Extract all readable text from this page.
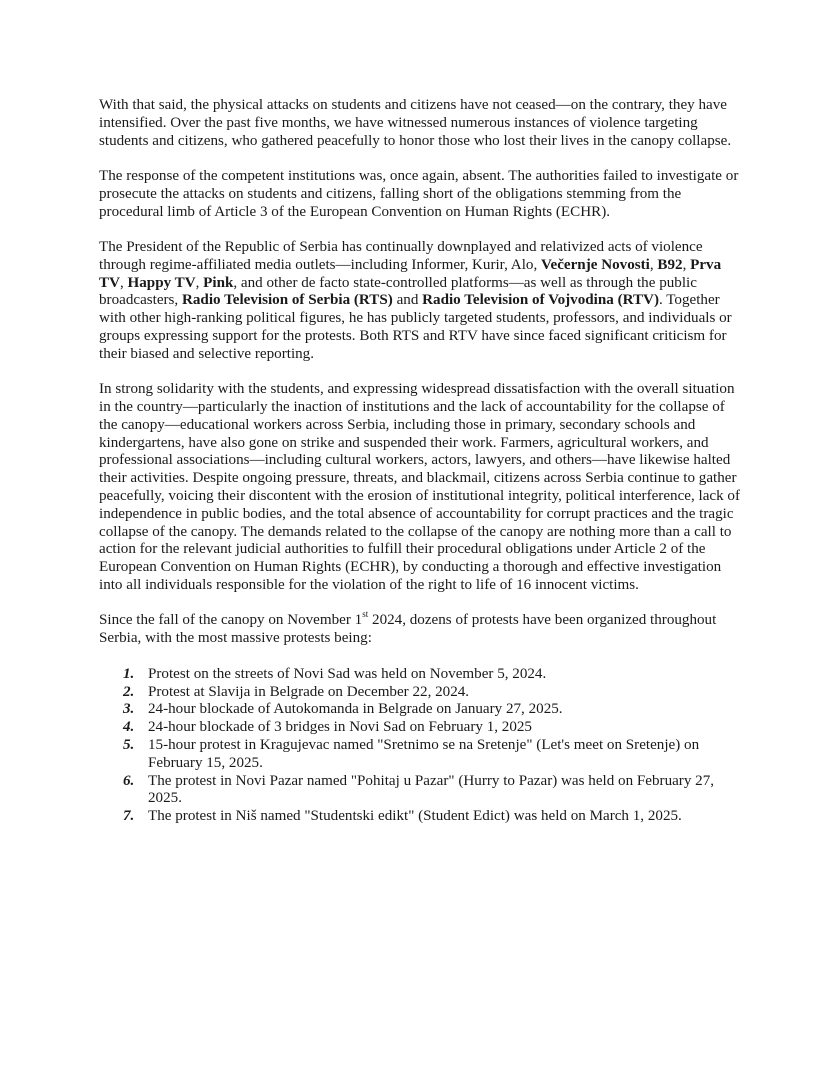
With that said, the physical attacks on students and citizens have not ceased—on the contrary, they have intensified. Over the past five months, we have witnessed numerous instances of violence targeting students and citizens, who gathered peacefully to honor those who lost their lives in the canopy collapse.

The response of the competent institutions was, once again, absent. The authorities failed to investigate or prosecute the attacks on students and citizens, falling short of the obligations stemming from the procedural limb of Article 3 of the European Convention on Human Rights (ECHR).

The President of the Republic of Serbia has continually downplayed and relativized acts of violence through regime-affiliated media outlets—including Informer, Kurir, Alo, Večernje Novosti, B92, Prva TV, Happy TV, Pink, and other de facto state-controlled platforms—as well as through the public broadcasters, Radio Television of Serbia (RTS) and Radio Television of Vojvodina (RTV). Together with other high-ranking political figures, he has publicly targeted students, professors, and individuals or groups expressing support for the protests. Both RTS and RTV have since faced significant criticism for their biased and selective reporting.

In strong solidarity with the students, and expressing widespread dissatisfaction with the overall situation in the country—particularly the inaction of institutions and the lack of accountability for the collapse of the canopy—educational workers across Serbia, including those in primary, secondary schools and kindergartens, have also gone on strike and suspended their work. Farmers, agricultural workers, and professional associations—including cultural workers, actors, lawyers, and others—have likewise halted their activities. Despite ongoing pressure, threats, and blackmail, citizens across Serbia continue to gather peacefully, voicing their discontent with the erosion of institutional integrity, political interference, lack of independence in public bodies, and the total absence of accountability for corrupt practices and the tragic collapse of the canopy. The demands related to the collapse of the canopy are nothing more than a call to action for the relevant judicial authorities to fulfill their procedural obligations under Article 2 of the European Convention on Human Rights (ECHR), by conducting a thorough and effective investigation into all individuals responsible for the violation of the right to life of 16 innocent victims.

Since the fall of the canopy on November 1st 2024, dozens of protests have been organized throughout Serbia, with the most massive protests being:

1. Protest on the streets of Novi Sad was held on November 5, 2024.
2. Protest at Slavija in Belgrade on December 22, 2024.
3. 24-hour blockade of Autokomanda in Belgrade on January 27, 2025.
4. 24-hour blockade of 3 bridges in Novi Sad on February 1, 2025
5. 15-hour protest in Kragujevac named "Sretnimo se na Sretenje" (Let's meet on Sretenje) on February 15, 2025.
6. The protest in Novi Pazar named "Pohitaj u Pazar" (Hurry to Pazar) was held on February 27, 2025.
7. The protest in Niš named "Studentski edikt" (Student Edict) was held on March 1, 2025.
